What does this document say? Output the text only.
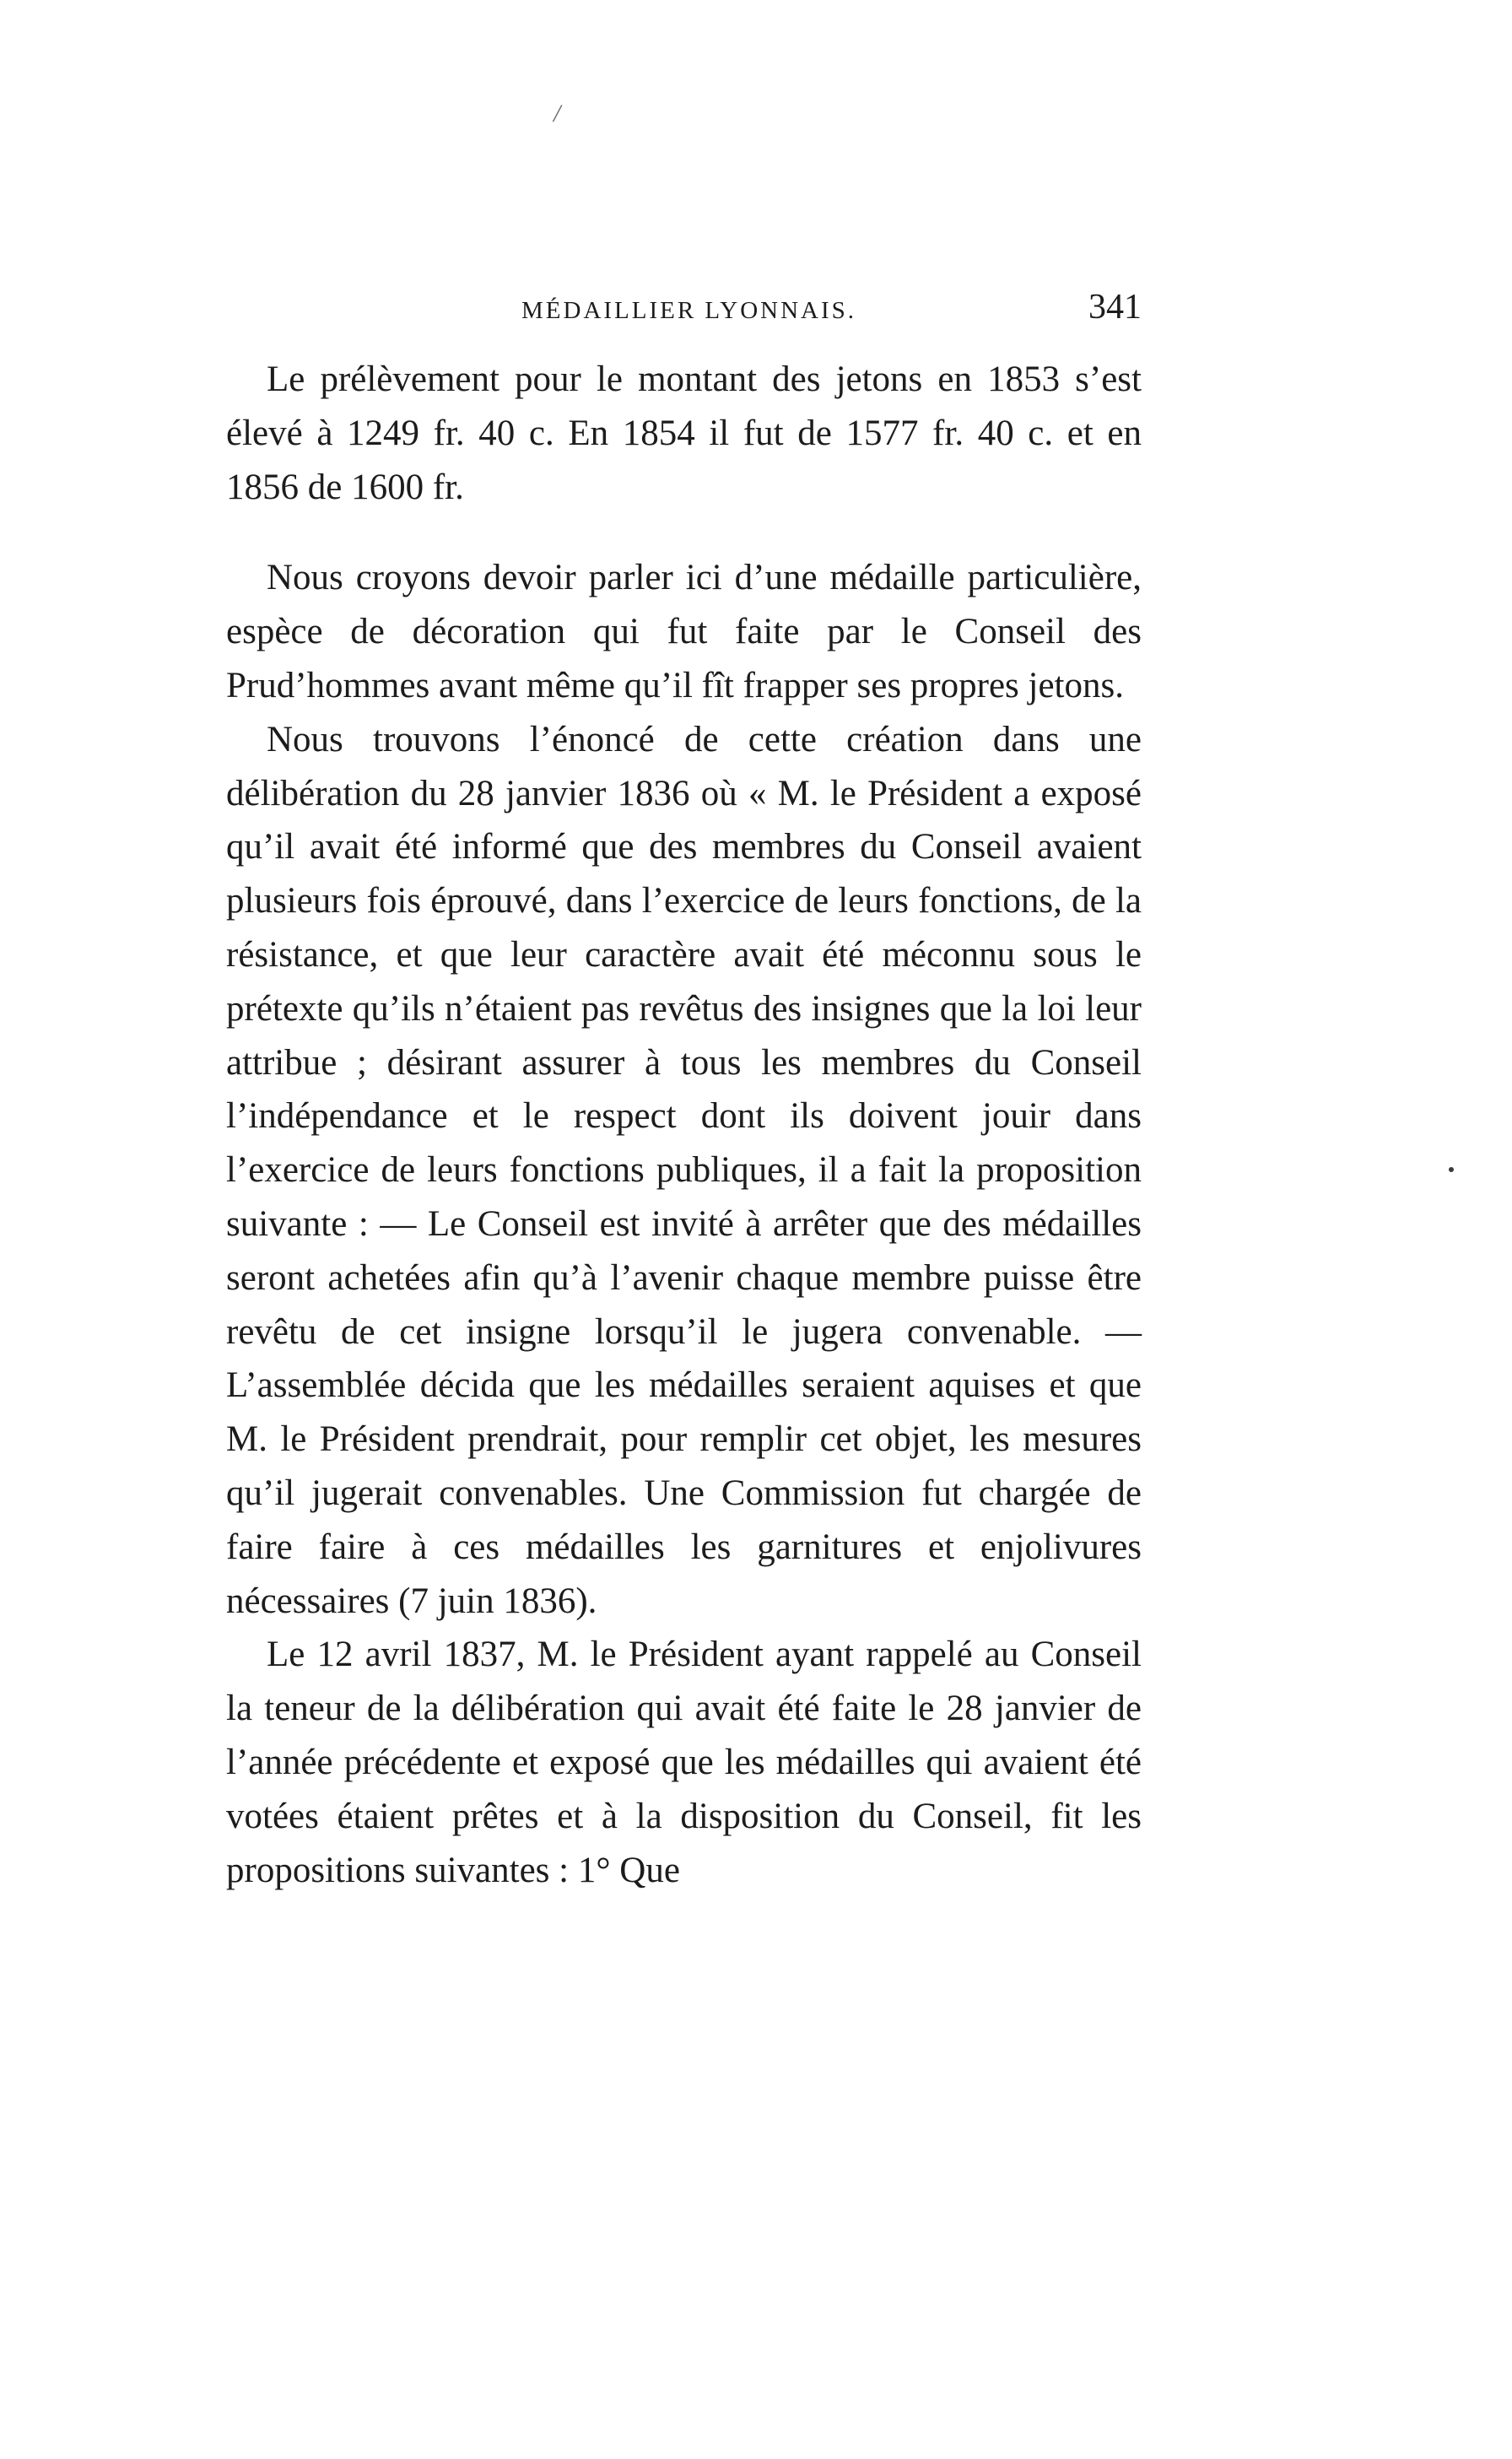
/
MÉDAILLIER LYONNAIS.	341

Le prélèvement pour le montant des jetons en 1853 s’est élevé à 1249 fr. 40 c. En 1854 il fut de 1577 fr. 40 c. et en 1856 de 1600 fr.

Nous croyons devoir parler ici d’une médaille particulière, espèce de décoration qui fut faite par le Conseil des Prud’hommes avant même qu’il fît frapper ses propres jetons.

Nous trouvons l’énoncé de cette création dans une délibération du 28 janvier 1836 où « M. le Président a exposé qu’il avait été informé que des membres du Conseil avaient plusieurs fois éprouvé, dans l’exercice de leurs fonctions, de la résistance, et que leur caractère avait été méconnu sous le prétexte qu’ils n’étaient pas revêtus des insignes que la loi leur attribue ; désirant assurer à tous les membres du Conseil l’indépendance et le respect dont ils doivent jouir dans l’exercice de leurs fonctions publiques, il a fait la proposition suivante : — Le Conseil est invité à arrêter que des médailles seront achetées afin qu’à l’avenir chaque membre puisse être revêtu de cet insigne lorsqu’il le jugera convenable. — L’assemblée décida que les médailles seraient aquises et que M. le Président prendrait, pour remplir cet objet, les mesures qu’il jugerait convenables. Une Commission fut chargée de faire faire à ces médailles les garnitures et enjolivures nécessaires (7 juin 1836).

Le 12 avril 1837, M. le Président ayant rappelé au Conseil la teneur de la délibération qui avait été faite le 28 janvier de l’année précédente et exposé que les médailles qui avaient été votées étaient prêtes et à la disposition du Conseil, fit les propositions suivantes : 1° Que
